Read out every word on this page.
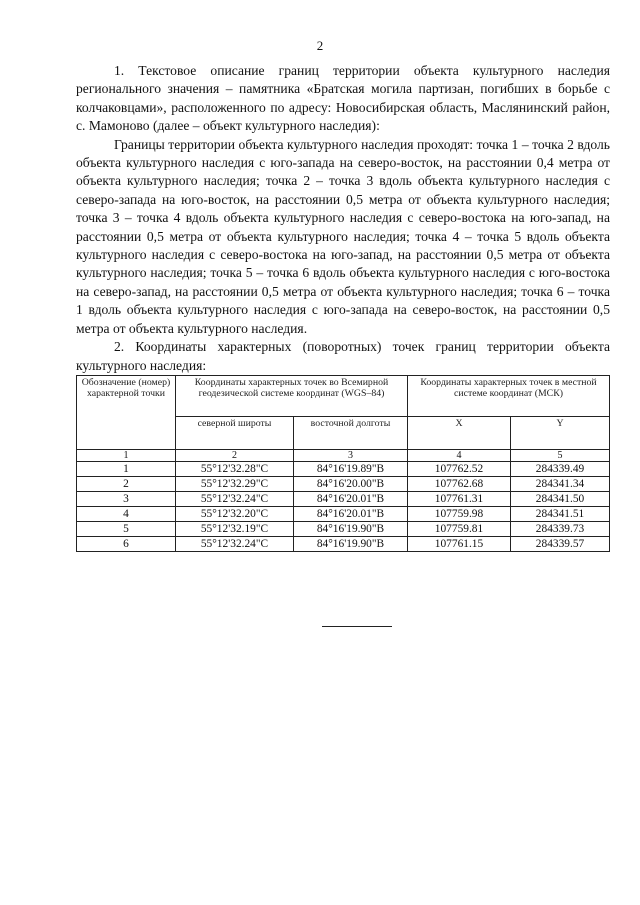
2

1. Текстовое описание границ территории объекта культурного наследия регионального значения – памятника «Братская могила партизан, погибших в борьбе с колчаковцами», расположенного по адресу: Новосибирская область, Маслянинский район, с. Мамоново (далее – объект культурного наследия):

Границы территории объекта культурного наследия проходят: точка 1 – точка 2 вдоль объекта культурного наследия с юго-запада на северо-восток, на расстоянии 0,4 метра от объекта культурного наследия; точка 2 – точка 3 вдоль объекта культурного наследия с северо-запада на юго-восток, на расстоянии 0,5 метра от объекта культурного наследия; точка 3 – точка 4 вдоль объекта культурного наследия с северо-востока на юго-запад, на расстоянии 0,5 метра от объекта культурного наследия; точка 4 – точка 5 вдоль объекта культурного наследия с северо-востока на юго-запад, на расстоянии 0,5 метра от объекта культурного наследия; точка 5 – точка 6 вдоль объекта культурного наследия с юго-востока на северо-запад, на расстоянии 0,5 метра от объекта культурного наследия; точка 6 – точка 1 вдоль объекта культурного наследия с юго-запада на северо-восток, на расстоянии 0,5 метра от объекта культурного наследия.

2. Координаты характерных (поворотных) точек границ территории объекта культурного наследия:

Обозначение (номер) характерной точки	Координаты характерных точек во Всемирной геодезической системе координат (WGS–84)		Координаты характерных точек в местной системе координат (МСК)	
	северной широты	восточной долготы	X	Y
1	2	3	4	5
1	55°12'32.28"С	84°16'19.89"В	107762.52	284339.49
2	55°12'32.29"С	84°16'20.00"В	107762.68	284341.34
3	55°12'32.24"С	84°16'20.01"В	107761.31	284341.50
4	55°12'32.20"С	84°16'20.01"В	107759.98	284341.51
5	55°12'32.19"С	84°16'19.90"В	107759.81	284339.73
6	55°12'32.24"С	84°16'19.90"В	107761.15	284339.57
